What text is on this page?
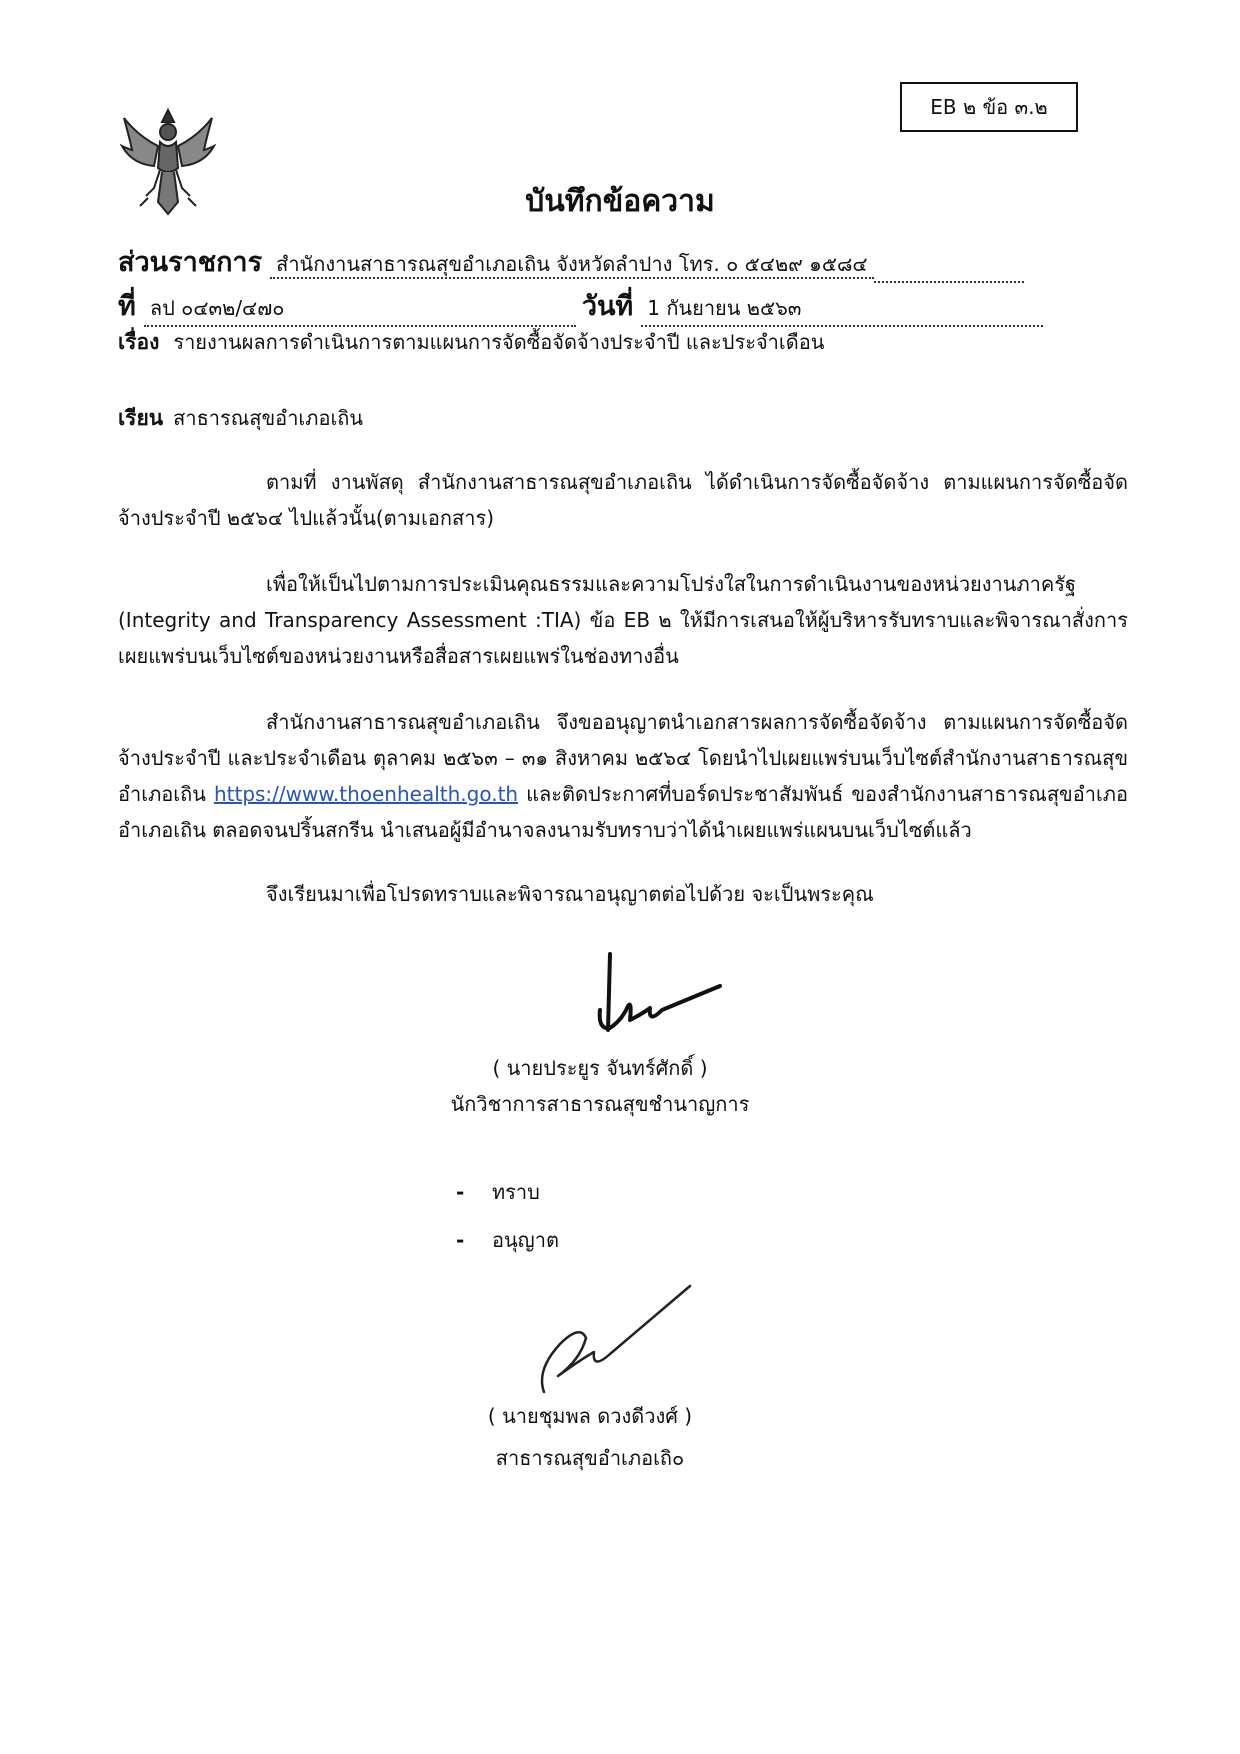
EB ๒ ข้อ ๓.๒
บันทึกข้อความ
ส่วนราชการ สำนักงานสาธารณสุขอำเภอเถิน จังหวัดลำปาง โทร. ๐ ๕๔๒๙ ๑๕๘๔
ที่ ลป ๐๔๓๒/๔๗๐	วันที่ 1 กันยายน ๒๕๖๓
เรื่อง รายงานผลการดำเนินการตามแผนการจัดซื้อจัดจ้างประจำปี และประจำเดือน
เรียน สาธารณสุขอำเภอเถิน
ตามที่ งานพัสดุ สำนักงานสาธารณสุขอำเภอเถิน ได้ดำเนินการจัดซื้อจัดจ้าง ตามแผนการจัดซื้อจัดจ้างประจำปี ๒๕๖๔ ไปแล้วนั้น(ตามเอกสาร)
เพื่อให้เป็นไปตามการประเมินคุณธรรมและความโปร่งใสในการดำเนินงานของหน่วยงานภาครัฐ (Integrity and Transparency Assessment :TIA) ข้อ EB ๒ ให้มีการเสนอให้ผู้บริหารรับทราบและพิจารณาสั่งการเผยแพร่บนเว็บไซต์ของหน่วยงานหรือสื่อสารเผยแพร่ในช่องทางอื่น
สำนักงานสาธารณสุขอำเภอเถิน จึงขออนุญาตนำเอกสารผลการจัดซื้อจัดจ้าง ตามแผนการจัดซื้อจัดจ้างประจำปี และประจำเดือน ตุลาคม ๒๕๖๓ – ๓๑ สิงหาคม ๒๕๖๔ โดยนำไปเผยแพร่บนเว็บไซต์สำนักงานสาธารณสุขอำเภอเถิน https://www.thoenhealth.go.th และติดประกาศที่บอร์ดประชาสัมพันธ์ ของสำนักงานสาธารณสุขอำเภออำเภอเถิน ตลอดจนปริ้นสกรีน นำเสนอผู้มีอำนาจลงนามรับทราบว่าได้นำเผยแพร่แผนบนเว็บไซต์แล้ว
จึงเรียนมาเพื่อโปรดทราบและพิจารณาอนุญาตต่อไปด้วย จะเป็นพระคุณ
( นายประยูร จันทร์ศักดิ์ )
นักวิชาการสาธารณสุขชำนาญการ
- ทราบ
- อนุญาต
( นายชุมพล ดวงดีวงศ์ )
สาธารณสุขอำเภอเถิ๐
